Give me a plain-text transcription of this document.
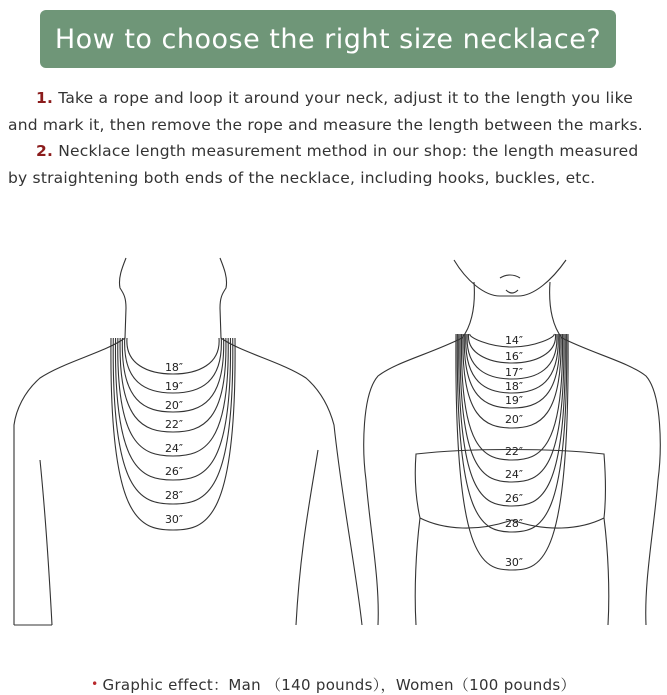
How to choose the right size necklace?

1. Take a rope and loop it around your neck, adjust it to the length you like and mark it, then remove the rope and measure the length between the marks.

2. Necklace length measurement method in our shop: the length measured by straightening both ends of the necklace, including hooks, buckles, etc.

18″
19″
20″
22″
24″
26″
28″
30″
14″
16″
17″
18″
19″
20″
22″
24″
26″
28″
30″
• Graphic effect：Man （140 pounds），Women（100 pounds）
